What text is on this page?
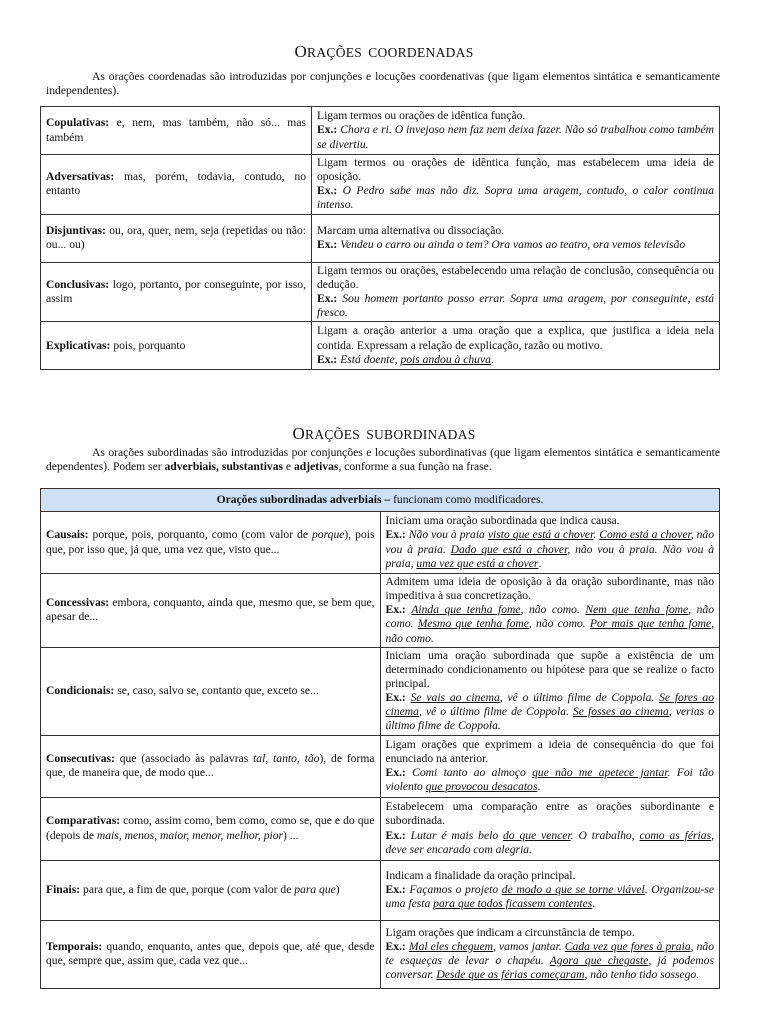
ORAÇÕES COORDENADAS

As orações coordenadas são introduzidas por conjunções e locuções coordenativas (que ligam elementos sintática e semanticamente independentes).

Copulativas: e, nem, mas também, não só... mas também	Ligam termos ou orações de idêntica função.
Ex.: Chora e ri. O invejoso nem faz nem deixa fazer. Não só trabalhou como também se divertiu.
Adversativas: mas, porém, todavia, contudo, no entanto	Ligam termos ou orações de idêntica função, mas estabelecem uma ideia de oposição.
Ex.: O Pedro sabe mas não diz. Sopra uma aragem, contudo, o calor continua intenso.
Disjuntivas: ou, ora, quer, nem, seja (repetidas ou não: ou... ou)	Marcam uma alternativa ou dissociação.
Ex.: Vendeu o carro ou ainda o tem? Ora vamos ao teatro, ora vemos televisão
Conclusivas: logo, portanto, por conseguinte, por isso, assim	Ligam termos ou orações, estabelecendo uma relação de conclusão, consequência ou dedução.
Ex.: Sou homem portanto posso errar. Sopra uma aragem, por conseguinte, está fresco.
Explicativas: pois, porquanto	Ligam a oração anterior a uma oração que a explica, que justifica a ideia nela contida. Expressam a relação de explicação, razão ou motivo.
Ex.: Está doente, pois andou à chuva.
ORAÇÕES SUBORDINADAS

As orações subordinadas são introduzidas por conjunções e locuções subordinativas (que ligam elementos sintática e semanticamente dependentes). Podem ser adverbiais, substantivas e adjetivas, conforme a sua função na frase.

Orações subordinadas adverbiais – funcionam como modificadores.	
Causais: porque, pois, porquanto, como (com valor de porque), pois que, por isso que, já que, uma vez que, visto que...	Iniciam uma oração subordinada que indica causa.
Ex.: Não vou à praia visto que está a chover. Como está a chover, não vou à praia. Dado que está a chover, não vou à praia. Não vou à praia, uma vez que está a chover.
Concessivas: embora, conquanto, ainda que, mesmo que, se bem que, apesar de...	Admitem uma ideia de oposição à da oração subordinante, mas não impeditiva à sua concretização.
Ex.: Ainda que tenha fome, não como. Nem que tenha fome, não como. Mesmo que tenha fome, não como. Por mais que tenha fome, não como.
Condicionais: se, caso, salvo se, contanto que, exceto se...	Iniciam uma oração subordinada que supõe a existência de um determinado condicionamento ou hipótese para que se realize o facto principal.
Ex.: Se vais ao cinema, vê o último filme de Coppola. Se fores ao cinema, vê o último filme de Coppola. Se fosses ao cinema, verias o último filme de Coppola.
Consecutivas: que (associado às palavras tal, tanto, tão), de forma que, de maneira que, de modo que...	Ligam orações que exprimem a ideia de consequência do que foi enunciado na anterior.
Ex.: Comi tanto ao almoço que não me apetece jantar. Foi tão violento que provocou desacatos.
Comparativas: como, assim como, bem como, como se, que e do que (depois de mais, menos, maior, menor, melhor, pior) ...	Estabelecem uma comparação entre as orações subordinante e subordinada.
Ex.: Lutar é mais belo do que vencer. O trabalho, como as férias, deve ser encarado com alegria.
Finais: para que, a fim de que, porque (com valor de para que)	Indicam a finalidade da oração principal.
Ex.: Façamos o projeto de modo a que se torne viável. Organizou-se uma festa para que todos ficassem contentes.
Temporais: quando, enquanto, antes que, depois que, até que, desde que, sempre que, assim que, cada vez que...	Ligam orações que indicam a circunstância de tempo.
Ex.: Mal eles cheguem, vamos jantar. Cada vez que fores à praia, não te esqueças de levar o chapéu. Agora que chegaste, já podemos conversar. Desde que as férias começaram, não tenho tido sossego.
